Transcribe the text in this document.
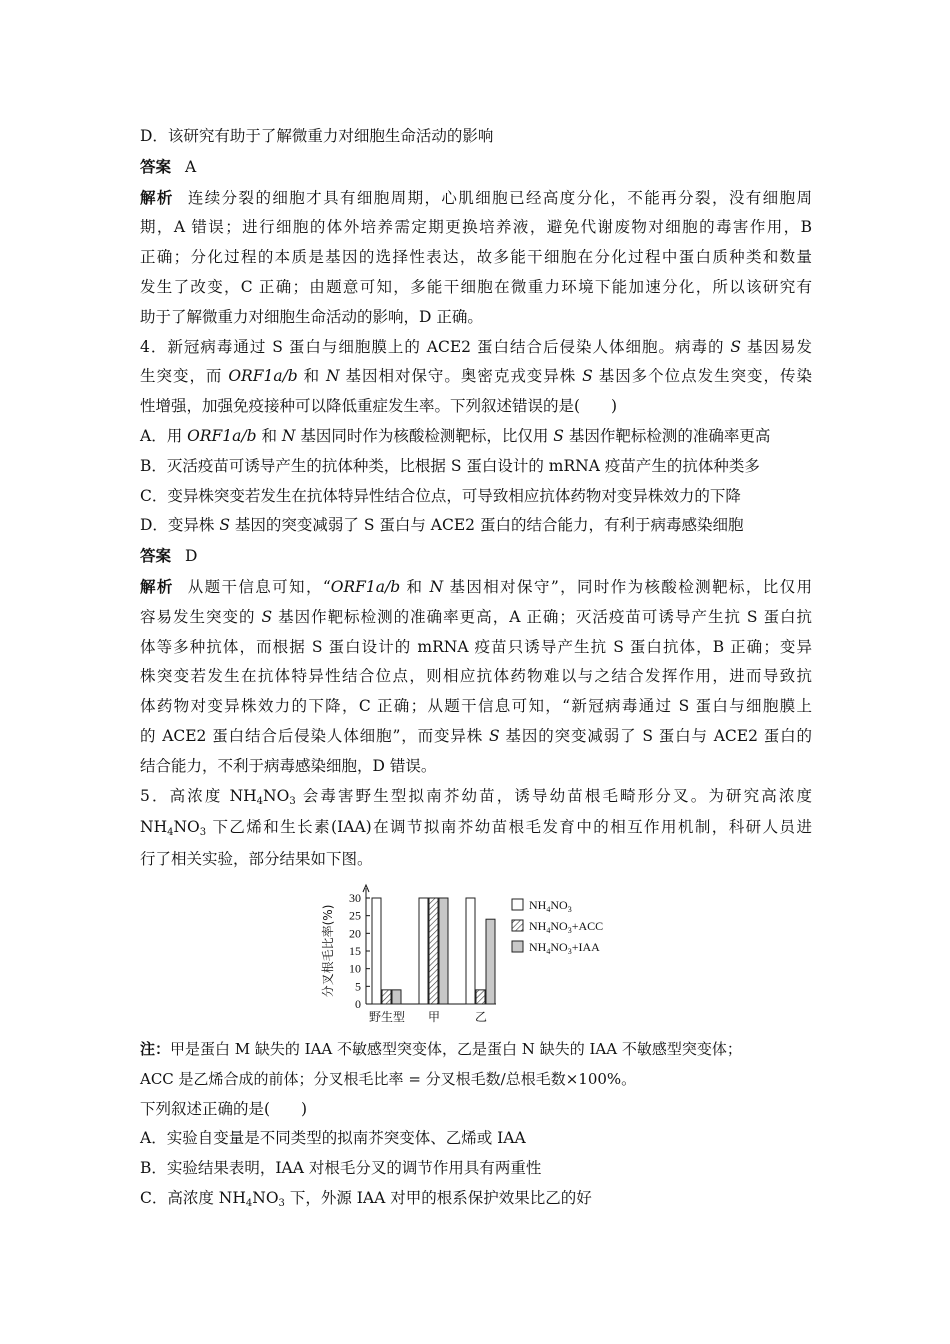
D．该研究有助于了解微重力对细胞生命活动的影响
答案 A
解析 连续分裂的细胞才具有细胞周期，心肌细胞已经高度分化，不能再分裂，没有细胞周
期，A 错误；进行细胞的体外培养需定期更换培养液，避免代谢废物对细胞的毒害作用，B
正确；分化过程的本质是基因的选择性表达，故多能干细胞在分化过程中蛋白质种类和数量
发生了改变，C 正确；由题意可知，多能干细胞在微重力环境下能加速分化，所以该研究有
助于了解微重力对细胞生命活动的影响，D 正确。
4．新冠病毒通过 S 蛋白与细胞膜上的 ACE2 蛋白结合后侵染人体细胞。病毒的 S 基因易发
生突变，而 ORF1a/b 和 N 基因相对保守。奥密克戎变异株 S 基因多个位点发生突变，传染
性增强，加强免疫接种可以降低重症发生率。下列叙述错误的是(　　)
A．用 ORF1a/b 和 N 基因同时作为核酸检测靶标，比仅用 S 基因作靶标检测的准确率更高
B．灭活疫苗可诱导产生的抗体种类，比根据 S 蛋白设计的 mRNA 疫苗产生的抗体种类多
C．变异株突变若发生在抗体特异性结合位点，可导致相应抗体药物对变异株效力的下降
D．变异株 S 基因的突变减弱了 S 蛋白与 ACE2 蛋白的结合能力，有利于病毒感染细胞
答案 D
解析 从题干信息可知，“ORF1a/b 和 N 基因相对保守”，同时作为核酸检测靶标，比仅用
容易发生突变的 S 基因作靶标检测的准确率更高，A 正确；灭活疫苗可诱导产生抗 S 蛋白抗
体等多种抗体，而根据 S 蛋白设计的 mRNA 疫苗只诱导产生抗 S 蛋白抗体，B 正确；变异
株突变若发生在抗体特异性结合位点，则相应抗体药物难以与之结合发挥作用，进而导致抗
体药物对变异株效力的下降，C 正确；从题干信息可知，“新冠病毒通过 S 蛋白与细胞膜上
的 ACE2 蛋白结合后侵染人体细胞”，而变异株 S 基因的突变减弱了 S 蛋白与 ACE2 蛋白的
结合能力，不利于病毒感染细胞，D 错误。
5．高浓度 NH4NO3 会毒害野生型拟南芥幼苗，诱导幼苗根毛畸形分叉。为研究高浓度
NH4NO3 下乙烯和生长素(IAA)在调节拟南芥幼苗根毛发育中的相互作用机制，科研人员进
行了相关实验，部分结果如下图。
0
5
10
15
20
25
30
分叉根毛比率(%)
野生型 甲	乙
$NH_4NO_3$
$NH_4NO_3+ACC$
$NH_4NO_3+IAA$
注：甲是蛋白 M 缺失的 IAA 不敏感型突变体，乙是蛋白 N 缺失的 IAA 不敏感型突变体；
ACC 是乙烯合成的前体；分叉根毛比率 = 分叉根毛数/总根毛数×100%。
下列叙述正确的是(　　)
A．实验自变量是不同类型的拟南芥突变体、乙烯或 IAA
B．实验结果表明，IAA 对根毛分叉的调节作用具有两重性
C．高浓度 NH4NO3 下，外源 IAA 对甲的根系保护效果比乙的好
